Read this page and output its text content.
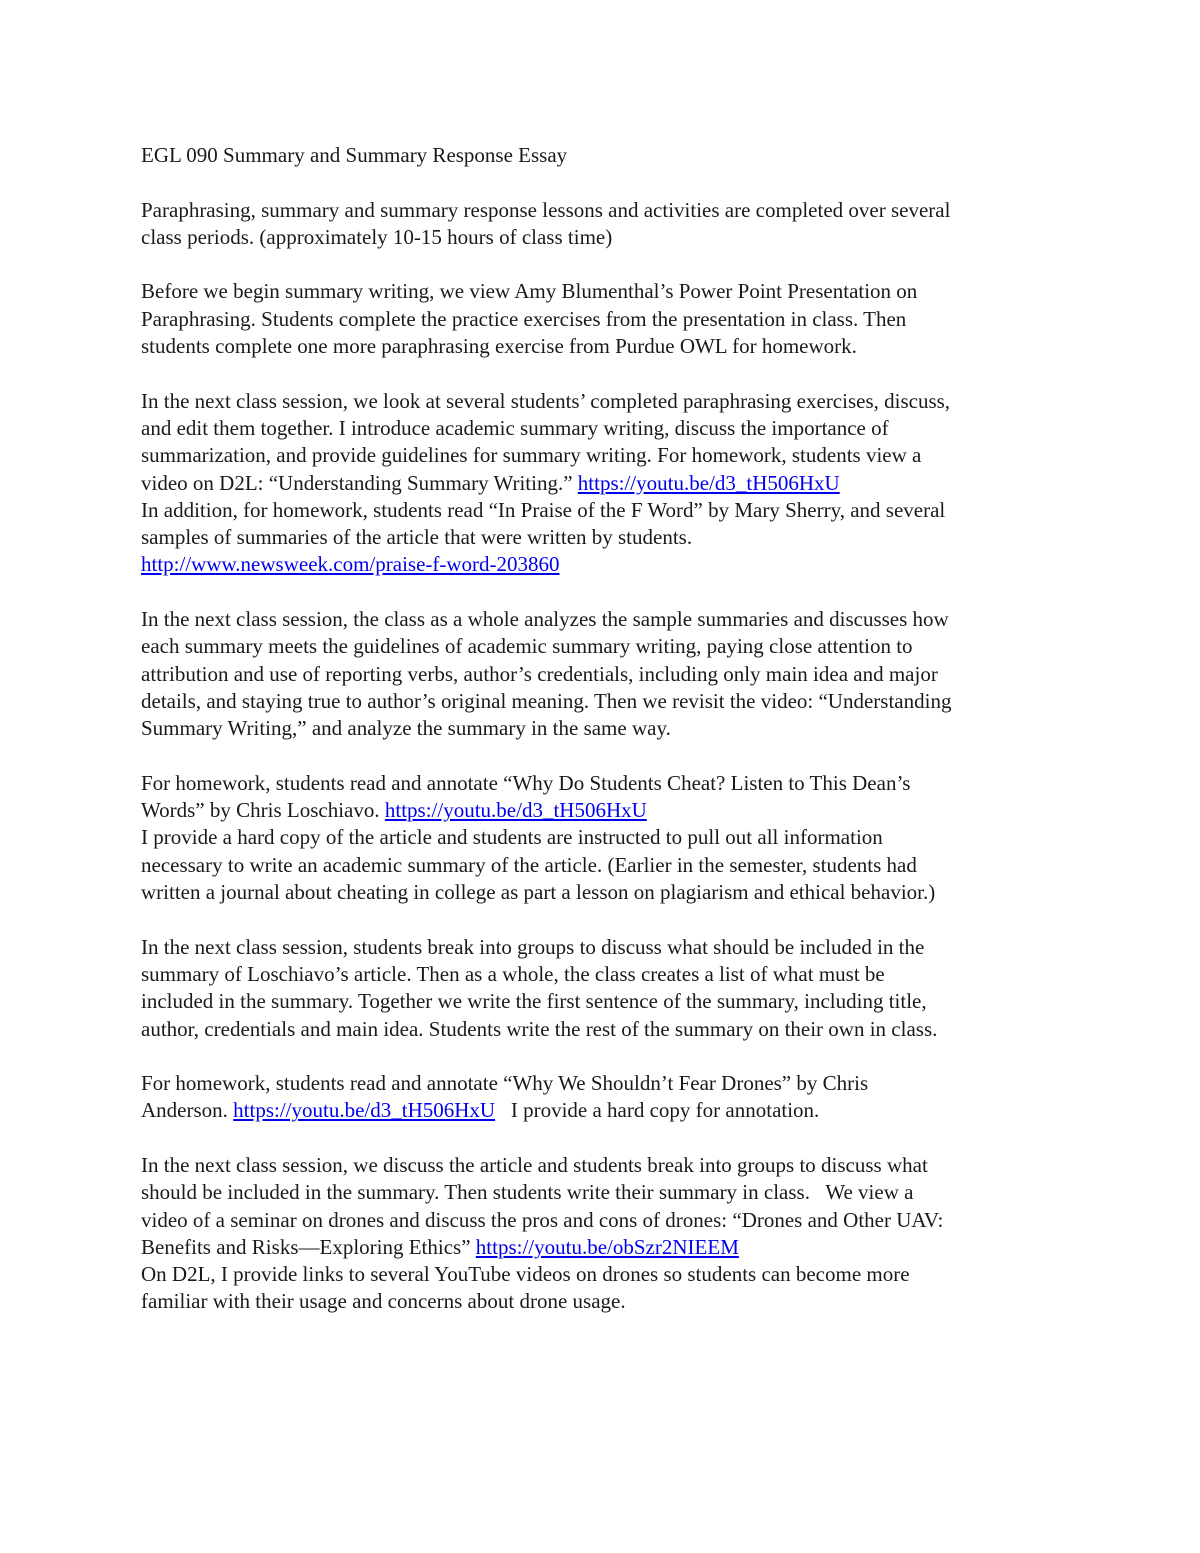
EGL 090 Summary and Summary Response Essay
Paraphrasing, summary and summary response lessons and activities are completed over several
class periods. (approximately 10-15 hours of class time)
Before we begin summary writing, we view Amy Blumenthal’s Power Point Presentation on
Paraphrasing. Students complete the practice exercises from the presentation in class. Then
students complete one more paraphrasing exercise from Purdue OWL for homework.
In the next class session, we look at several students’ completed paraphrasing exercises, discuss,
and edit them together. I introduce academic summary writing, discuss the importance of
summarization, and provide guidelines for summary writing. For homework, students view a
video on D2L: “Understanding Summary Writing.” https://youtu.be/d3_tH506HxU
In addition, for homework, students read “In Praise of the F Word” by Mary Sherry, and several
samples of summaries of the article that were written by students.
http://www.newsweek.com/praise-f-word-203860
In the next class session, the class as a whole analyzes the sample summaries and discusses how
each summary meets the guidelines of academic summary writing, paying close attention to
attribution and use of reporting verbs, author’s credentials, including only main idea and major
details, and staying true to author’s original meaning. Then we revisit the video: “Understanding
Summary Writing,” and analyze the summary in the same way.
For homework, students read and annotate “Why Do Students Cheat? Listen to This Dean’s
Words” by Chris Loschiavo. https://youtu.be/d3_tH506HxU
I provide a hard copy of the article and students are instructed to pull out all information
necessary to write an academic summary of the article. (Earlier in the semester, students had
written a journal about cheating in college as part a lesson on plagiarism and ethical behavior.)
In the next class session, students break into groups to discuss what should be included in the
summary of Loschiavo’s article. Then as a whole, the class creates a list of what must be
included in the summary. Together we write the first sentence of the summary, including title,
author, credentials and main idea. Students write the rest of the summary on their own in class.
For homework, students read and annotate “Why We Shouldn’t Fear Drones” by Chris
Anderson. https://youtu.be/d3_tH506HxU   I provide a hard copy for annotation.
In the next class session, we discuss the article and students break into groups to discuss what
should be included in the summary. Then students write their summary in class.   We view a
video of a seminar on drones and discuss the pros and cons of drones: “Drones and Other UAV:
Benefits and Risks—Exploring Ethics” https://youtu.be/obSzr2NIEEM
On D2L, I provide links to several YouTube videos on drones so students can become more
familiar with their usage and concerns about drone usage.
